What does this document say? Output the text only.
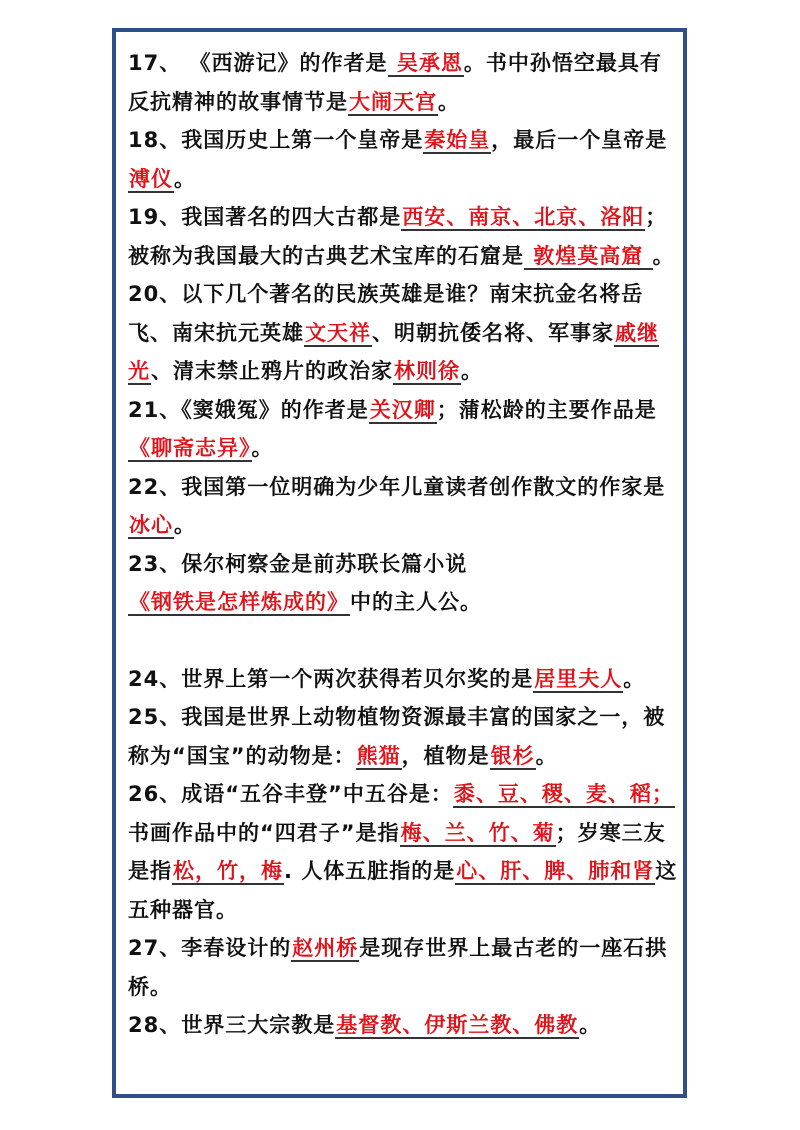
17、 《西游记》的作者是 吴承恩。书中孙悟空最具有反抗精神的故事情节是大闹天宫。
18、我国历史上第一个皇帝是秦始皇，最后一个皇帝是溥仪。
19、我国著名的四大古都是西安、南京、北京、洛阳；被称为我国最大的古典艺术宝库的石窟是 敦煌莫高窟 。
20、以下几个著名的民族英雄是谁？南宋抗金名将岳飞、南宋抗元英雄文天祥、明朝抗倭名将、军事家戚继光、清末禁止鸦片的政治家林则徐。
21、《窦娥冤》的作者是关汉卿；蒲松龄的主要作品是《聊斋志异》。
22、我国第一位明确为少年儿童读者创作散文的作家是冰心。
23、保尔柯察金是前苏联长篇小说《钢铁是怎样炼成的》中的主人公。
24、世界上第一个两次获得若贝尔奖的是居里夫人。
25、我国是世界上动物植物资源最丰富的国家之一，被称为“国宝”的动物是：熊猫，植物是银杉。
26、成语“五谷丰登”中五谷是：黍、豆、稷、麦、稻；书画作品中的“四君子”是指梅、兰、竹、菊；岁寒三友是指松，竹，梅. 人体五脏指的是心、肝、脾、肺和肾这五种器官。
27、李春设计的赵州桥是现存世界上最古老的一座石拱桥。
28、世界三大宗教是基督教、伊斯兰教、佛教。
